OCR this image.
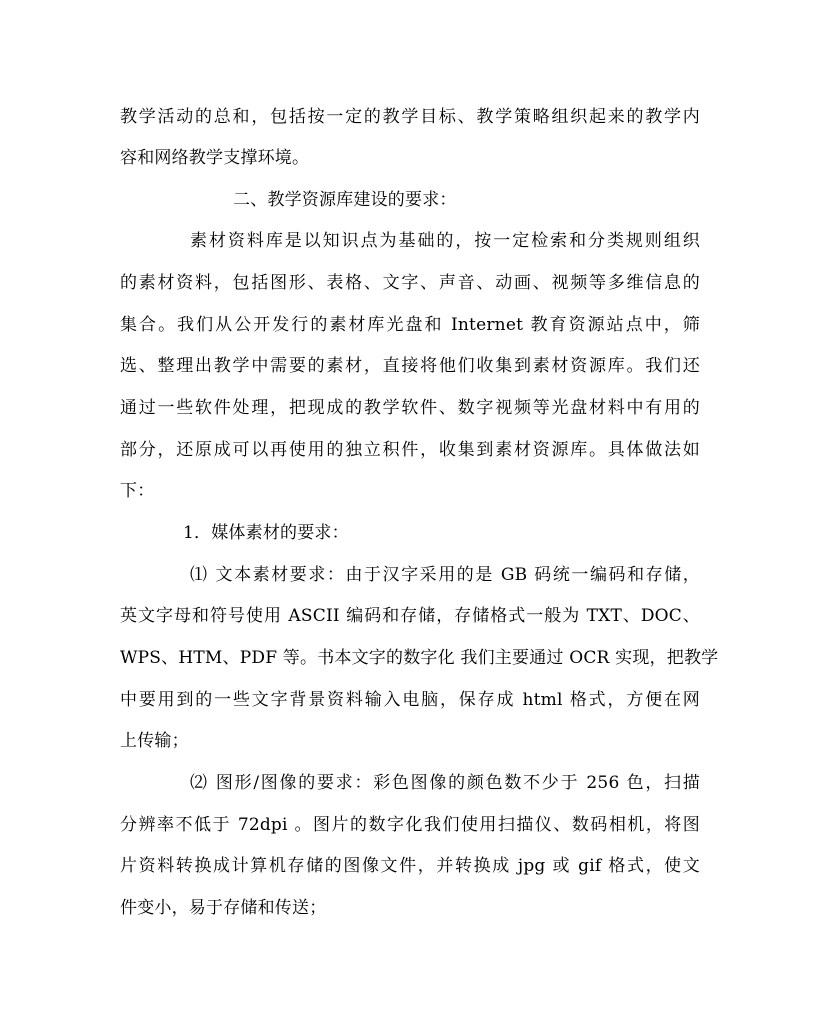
教学活动的总和，包括按一定的教学目标、教学策略组织起来的教学内
容和网络教学支撑环境。
二、教学资源库建设的要求：
素材资料库是以知识点为基础的，按一定检索和分类规则组织
的素材资料，包括图形、表格、文字、声音、动画、视频等多维信息的
集合。我们从公开发行的素材库光盘和 Internet 教育资源站点中，筛
选、整理出教学中需要的素材，直接将他们收集到素材资源库。我们还
通过一些软件处理，把现成的教学软件、数字视频等光盘材料中有用的
部分，还原成可以再使用的独立积件，收集到素材资源库。具体做法如
下：
1．媒体素材的要求：
⑴ 文本素材要求：由于汉字采用的是 GB 码统一编码和存储，
英文字母和符号使用 ASCII 编码和存储，存储格式一般为 TXT、DOC、
WPS、HTM、PDF 等。书本文字的数字化 我们主要通过 OCR 实现，把教学
中要用到的一些文字背景资料输入电脑，保存成 html 格式，方便在网
上传输；
⑵ 图形/图像的要求：彩色图像的颜色数不少于 256 色，扫描
分辨率不低于 72dpi 。图片的数字化我们使用扫描仪、数码相机，将图
片资料转换成计算机存储的图像文件，并转换成 jpg 或 gif 格式，使文
件变小，易于存储和传送；
